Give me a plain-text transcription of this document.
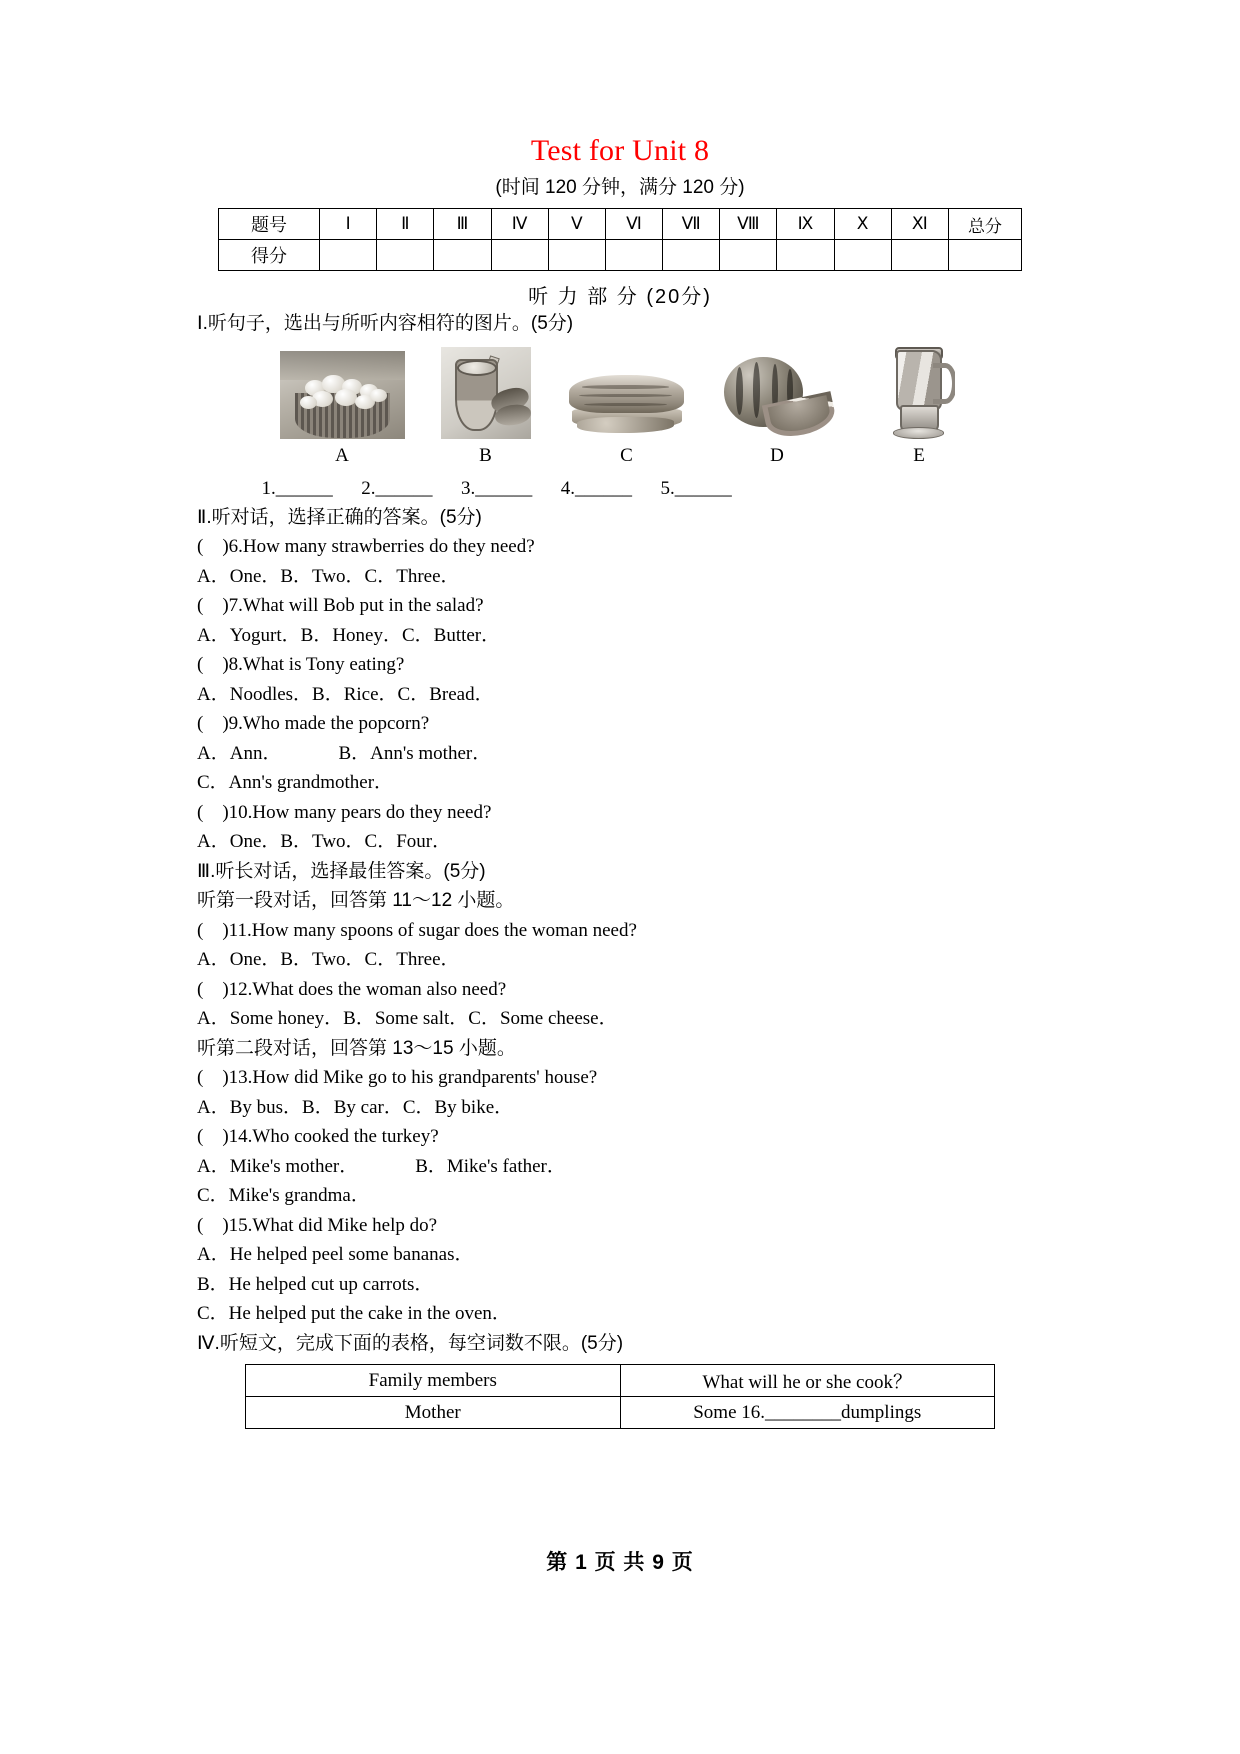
Test for Unit 8
(时间 120 分钟，满分 120 分)
题号	Ⅰ	Ⅱ	Ⅲ	Ⅳ	Ⅴ	Ⅵ	Ⅶ	Ⅷ	Ⅸ	Ⅹ	Ⅺ	总分
得分												
听 力 部 分 (20分)
Ⅰ.听句子，选出与所听内容相符的图片。(5分)
A	B	C	D	E
1.______      2.______      3.______      4.______      5.______
Ⅱ.听对话，选择正确的答案。(5分)
(    )6.How many strawberries do they need?
A．One．B．Two．C．Three．
(    )7.What will Bob put in the salad?
A．Yogurt．B．Honey．C．Butter．
(    )8.What is Tony eating?
A．Noodles．B．Rice．C．Bread．
(    )9.Who made the popcorn?
A．Ann．            B．Ann's mother．
C．Ann's grandmother．
(    )10.How many pears do they need?
A．One．B．Two．C．Four．
Ⅲ.听长对话，选择最佳答案。(5分)
听第一段对话，回答第 11～12 小题。
(    )11.How many spoons of sugar does the woman need?
A．One．B．Two．C．Three．
(    )12.What does the woman also need?
A．Some honey．B．Some salt．C．Some cheese．
听第二段对话，回答第 13～15 小题。
(    )13.How did Mike go to his grandparents' house?
A．By bus．B．By car．C．By bike．
(    )14.Who cooked the turkey?
A．Mike's mother．            B．Mike's father．
C．Mike's grandma．
(    )15.What did Mike help do?
A．He helped peel some bananas．
B．He helped cut up carrots．
C．He helped put the cake in the oven．
Ⅳ.听短文，完成下面的表格，每空词数不限。(5分)
Family members	What will he or she cook？
Mother	Some 16.________dumplings
第 1 页 共 9 页
